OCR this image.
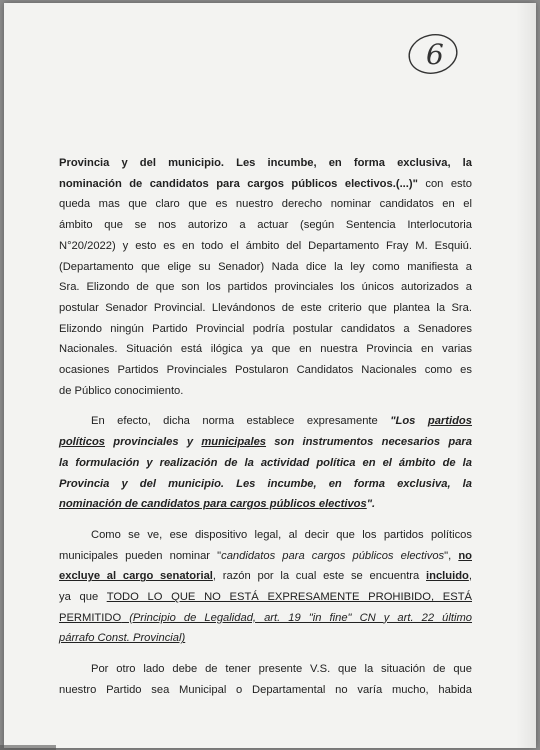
6
Provincia y del municipio. Les incumbe, en forma exclusiva, la
nominación de candidatos para cargos públicos electivos.(...)" con esto
queda mas que claro que es nuestro derecho nominar candidatos en el
ámbito que se nos autorizo a actuar (según Sentencia Interlocutoria
N°20/2022) y esto es en todo el ámbito del Departamento Fray M. Esquiú.
(Departamento que elige su Senador) Nada dice la ley como manifiesta a
Sra. Elizondo de que son los partidos provinciales los únicos autorizados a
postular Senador Provincial. Llevándonos de este criterio que plantea la Sra.
Elizondo ningún Partido Provincial podría postular candidatos a Senadores
Nacionales. Situación está ilógica ya que en nuestra Provincia en varias
ocasiones Partidos Provinciales Postularon Candidatos Nacionales como es
de Público conocimiento.
En efecto, dicha norma establece expresamente "Los partidos
políticos provinciales y municipales son instrumentos necesarios para
la formulación y realización de la actividad política en el ámbito de la
Provincia y del municipio. Les incumbe, en forma exclusiva, la
nominación de candidatos para cargos públicos electivos".
Como se ve, ese dispositivo legal, al decir que los partidos políticos
municipales pueden nominar "candidatos para cargos públicos electivos", no
excluye al cargo senatorial, razón por la cual este se encuentra incluido,
ya que TODO LO QUE NO ESTÁ EXPRESAMENTE PROHIBIDO, ESTÁ
PERMITIDO (Principio de Legalidad, art. 19 "in fine" CN y art. 22 último
párrafo Const. Provincial)
Por otro lado debe de tener presente V.S. que la situación de que
nuestro Partido sea Municipal o Departamental no varía mucho, habida
